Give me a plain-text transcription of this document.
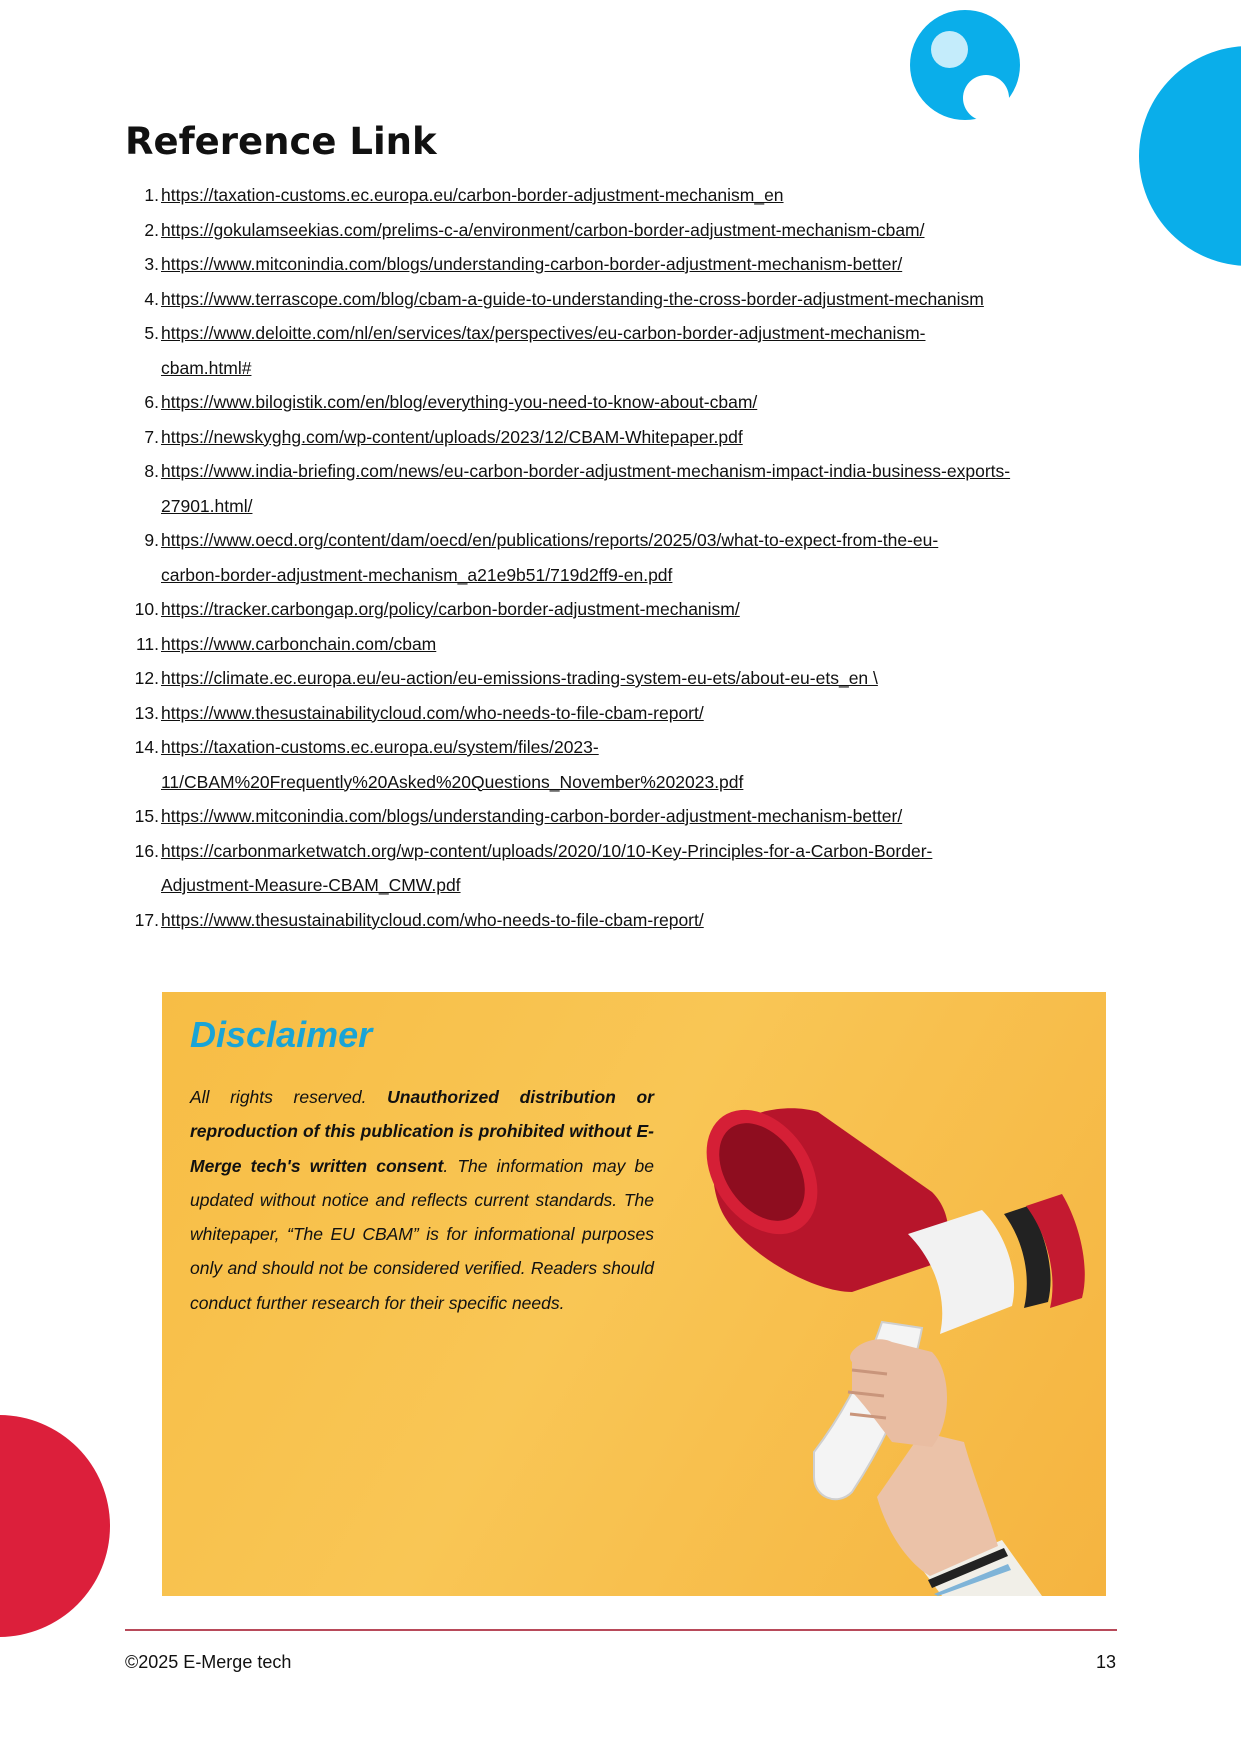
Reference Link
1. https://taxation-customs.ec.europa.eu/carbon-border-adjustment-mechanism_en
2. https://gokulamseekias.com/prelims-c-a/environment/carbon-border-adjustment-mechanism-cbam/
3. https://www.mitconindia.com/blogs/understanding-carbon-border-adjustment-mechanism-better/
4. https://www.terrascope.com/blog/cbam-a-guide-to-understanding-the-cross-border-adjustment-mechanism
5. https://www.deloitte.com/nl/en/services/tax/perspectives/eu-carbon-border-adjustment-mechanism-
cbam.html#
6. https://www.bilogistik.com/en/blog/everything-you-need-to-know-about-cbam/
7. https://newskyghg.com/wp-content/uploads/2023/12/CBAM-Whitepaper.pdf
8. https://www.india-briefing.com/news/eu-carbon-border-adjustment-mechanism-impact-india-business-exports-
27901.html/
9. https://www.oecd.org/content/dam/oecd/en/publications/reports/2025/03/what-to-expect-from-the-eu-
carbon-border-adjustment-mechanism_a21e9b51/719d2ff9-en.pdf
10. https://tracker.carbongap.org/policy/carbon-border-adjustment-mechanism/
11. https://www.carbonchain.com/cbam
12. https://climate.ec.europa.eu/eu-action/eu-emissions-trading-system-eu-ets/about-eu-ets_en \
13. https://www.thesustainabilitycloud.com/who-needs-to-file-cbam-report/
14. https://taxation-customs.ec.europa.eu/system/files/2023-
11/CBAM%20Frequently%20Asked%20Questions_November%202023.pdf
15. https://www.mitconindia.com/blogs/understanding-carbon-border-adjustment-mechanism-better/
16. https://carbonmarketwatch.org/wp-content/uploads/2020/10/10-Key-Principles-for-a-Carbon-Border-
Adjustment-Measure-CBAM_CMW.pdf
17. https://www.thesustainabilitycloud.com/who-needs-to-file-cbam-report/
Disclaimer

All rights reserved. Unauthorized distribution or reproduction of this publication is prohibited without E-Merge tech's written consent. The information may be updated without notice and reflects current standards. The whitepaper, “The EU CBAM” is for informational purposes only and should not be considered verified. Readers should conduct further research for their specific needs.

©2025 E-Merge tech	13
